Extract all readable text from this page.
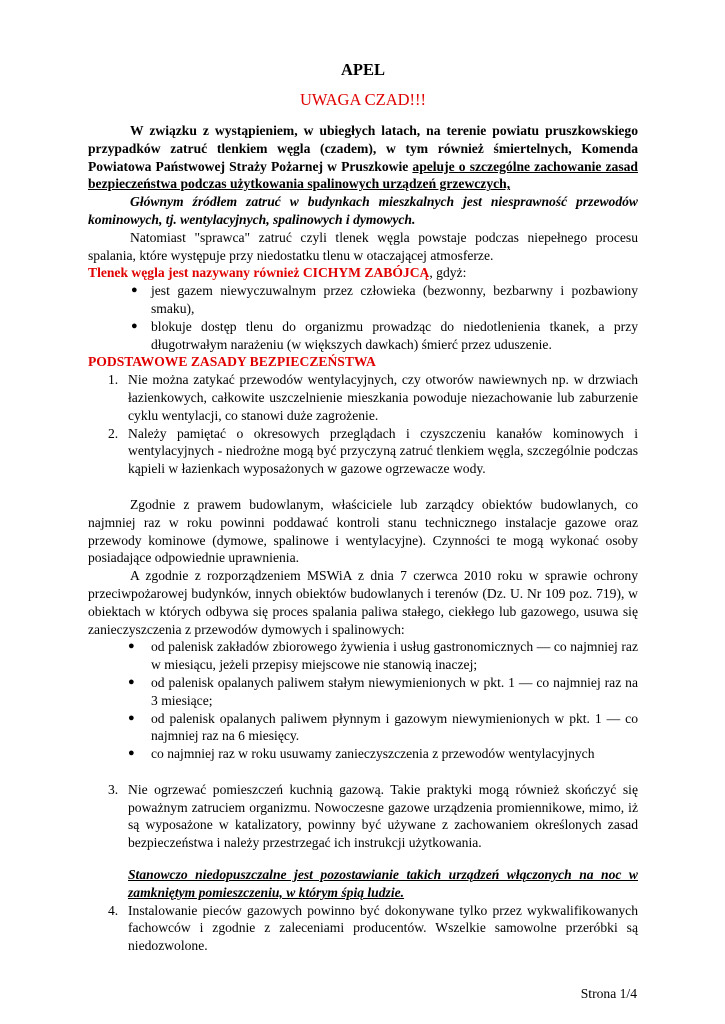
APEL

UWAGA CZAD!!!

W związku z wystąpieniem, w ubiegłych latach, na terenie powiatu pruszkowskiego przypadków zatruć tlenkiem węgla (czadem), w tym również śmiertelnych, Komenda Powiatowa Państwowej Straży Pożarnej w Pruszkowie apeluje o szczególne zachowanie zasad bezpieczeństwa podczas użytkowania spalinowych urządzeń grzewczych,

Głównym źródłem zatruć w budynkach mieszkalnych jest niesprawność przewodów kominowych, tj. wentylacyjnych, spalinowych i dymowych.

Natomiast "sprawca" zatruć czyli tlenek węgla powstaje podczas niepełnego procesu spalania, które występuje przy niedostatku tlenu w otaczającej atmosferze.

Tlenek węgla jest nazywany również CICHYM ZABÓJCĄ, gdyż:

● jest gazem niewyczuwalnym przez człowieka (bezwonny, bezbarwny i pozbawiony smaku),
● blokuje dostęp tlenu do organizmu prowadząc do niedotlenienia tkanek, a przy długotrwałym narażeniu (w większych dawkach) śmierć przez uduszenie.

PODSTAWOWE ZASADY BEZPIECZEŃSTWA

1. Nie można zatykać przewodów wentylacyjnych, czy otworów nawiewnych np. w drzwiach łazienkowych, całkowite uszczelnienie mieszkania powoduje niezachowanie lub zaburzenie cyklu wentylacji, co stanowi duże zagrożenie.
2. Należy pamiętać o okresowych przeglądach i czyszczeniu kanałów kominowych i wentylacyjnych - niedrożne mogą być przyczyną zatruć tlenkiem węgla, szczególnie podczas kąpieli w łazienkach wyposażonych w gazowe ogrzewacze wody.

Zgodnie z prawem budowlanym, właściciele lub zarządcy obiektów budowlanych, co najmniej raz w roku powinni poddawać kontroli stanu technicznego instalacje gazowe oraz przewody kominowe (dymowe, spalinowe i wentylacyjne). Czynności te mogą wykonać osoby posiadające odpowiednie uprawnienia.

A zgodnie z rozporządzeniem MSWiA z dnia 7 czerwca 2010 roku w sprawie ochrony przeciwpożarowej budynków, innych obiektów budowlanych i terenów (Dz. U. Nr 109 poz. 719), w obiektach w których odbywa się proces spalania paliwa stałego, ciekłego lub gazowego, usuwa się zanieczyszczenia z przewodów dymowych i spalinowych:

● od palenisk zakładów zbiorowego żywienia i usług gastronomicznych — co najmniej raz w miesiącu, jeżeli przepisy miejscowe nie stanowią inaczej;
● od palenisk opalanych paliwem stałym niewymienionych w pkt. 1 — co najmniej raz na 3 miesiące;
● od palenisk opalanych paliwem płynnym i gazowym niewymienionych w pkt. 1 — co najmniej raz na 6 miesięcy.
● co najmniej raz w roku usuwamy zanieczyszczenia z przewodów wentylacyjnych
3. Nie ogrzewać pomieszczeń kuchnią gazową. Takie praktyki mogą również skończyć się poważnym zatruciem organizmu. Nowoczesne gazowe urządzenia promiennikowe, mimo, iż są wyposażone w katalizatory, powinny być używane z zachowaniem określonych zasad bezpieczeństwa i należy przestrzegać ich instrukcji użytkowania.

Stanowczo niedopuszczalne jest pozostawianie takich urządzeń włączonych na noc w zamkniętym pomieszczeniu, w którym śpią ludzie.

4. Instalowanie pieców gazowych powinno być dokonywane tylko przez wykwalifikowanych fachowców i zgodnie z zaleceniami producentów. Wszelkie samowolne przeróbki są niedozwolone.
Strona 1/4
